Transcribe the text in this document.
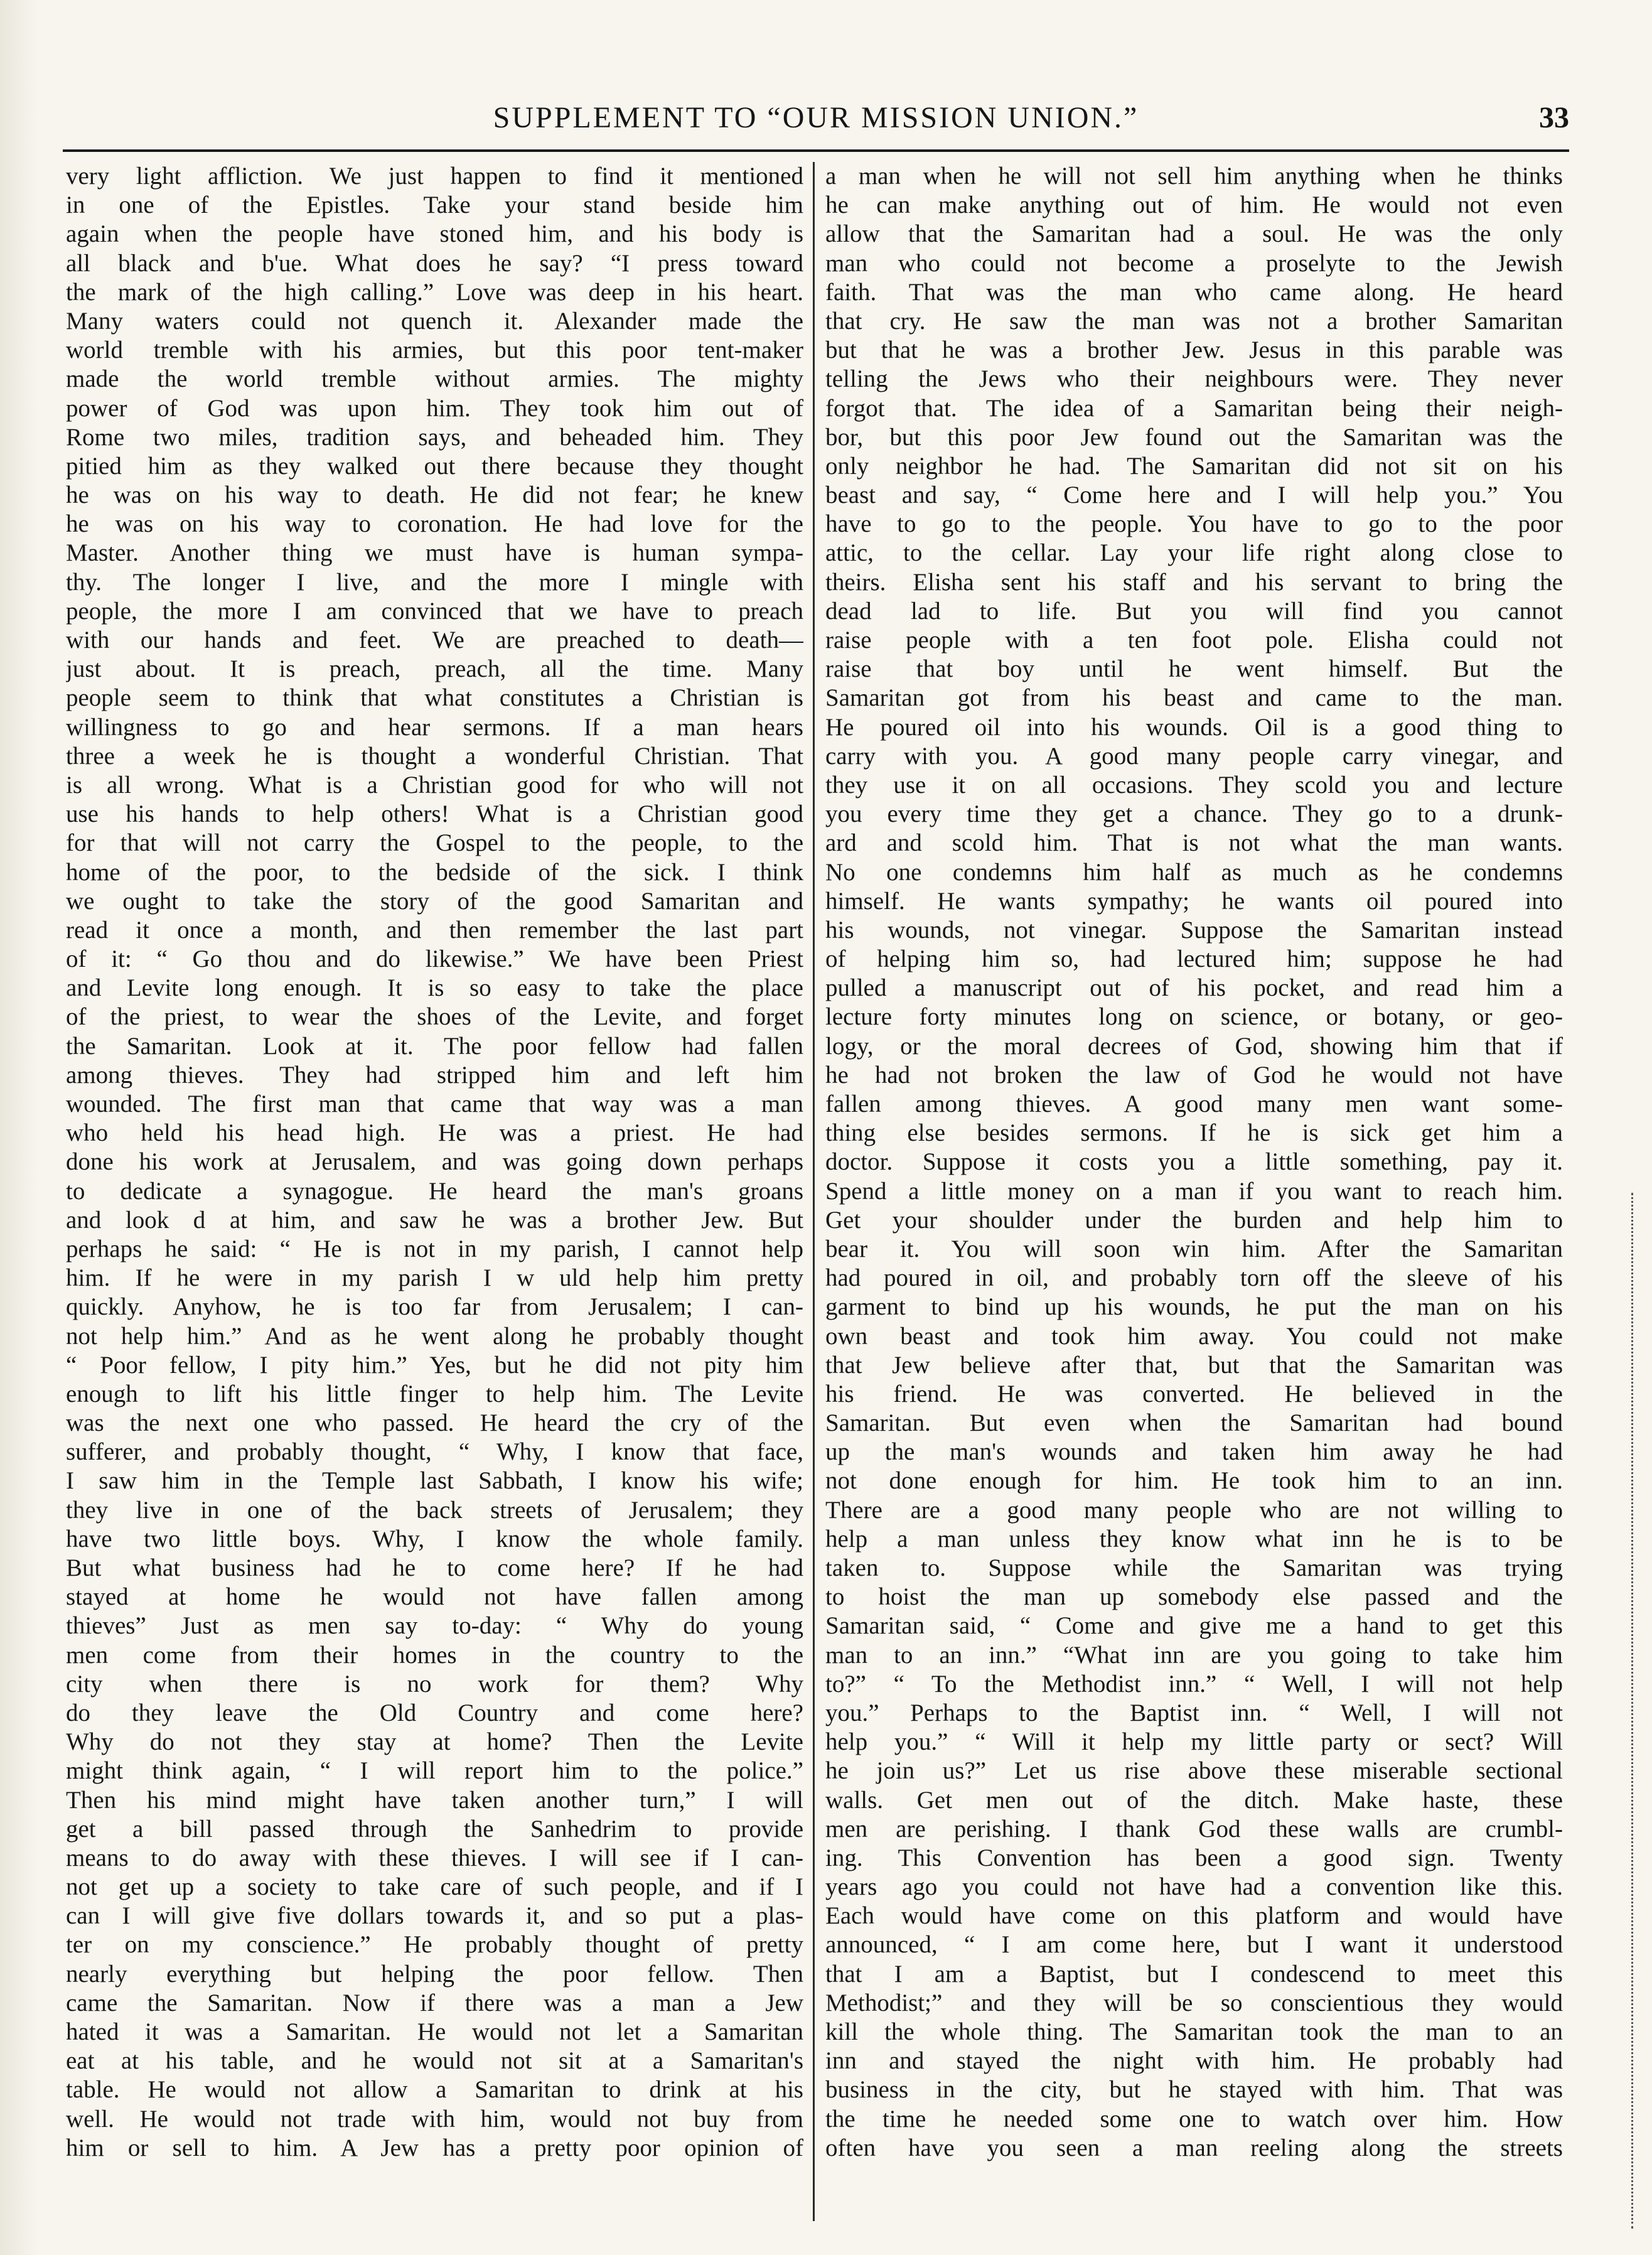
SUPPLEMENT TO “OUR MISSION UNION.”	33

very light affliction. We just happen to find it mentioned

in one of the Epistles. Take your stand beside him

again when the people have stoned him, and his body is

all black and b'ue. What does he say? “I press toward

the mark of the high calling.” Love was deep in his heart.

Many waters could not quench it. Alexander made the

world tremble with his armies, but this poor tent-maker

made the world tremble without armies. The mighty

power of God was upon him. They took him out of

Rome two miles, tradition says, and beheaded him. They

pitied him as they walked out there because they thought

he was on his way to death. He did not fear; he knew

he was on his way to coronation. He had love for the

Master. Another thing we must have is human sympa-

thy. The longer I live, and the more I mingle with

people, the more I am convinced that we have to preach

with our hands and feet. We are preached to death—

just about. It is preach, preach, all the time. Many

people seem to think that what constitutes a Christian is

willingness to go and hear sermons. If a man hears

three a week he is thought a wonderful Christian. That

is all wrong. What is a Christian good for who will not

use his hands to help others! What is a Christian good

for that will not carry the Gospel to the people, to the

home of the poor, to the bedside of the sick. I think

we ought to take the story of the good Samaritan and

read it once a month, and then remember the last part

of it: “ Go thou and do likewise.” We have been Priest

and Levite long enough. It is so easy to take the place

of the priest, to wear the shoes of the Levite, and forget

the Samaritan. Look at it. The poor fellow had fallen

among thieves. They had stripped him and left him

wounded. The first man that came that way was a man

who held his head high. He was a priest. He had

done his work at Jerusalem, and was going down perhaps

to dedicate a synagogue. He heard the man's groans

and look d at him, and saw he was a brother Jew. But

perhaps he said: “ He is not in my parish, I cannot help

him. If he were in my parish I w uld help him pretty

quickly. Anyhow, he is too far from Jerusalem; I can-

not help him.” And as he went along he probably thought

“ Poor fellow, I pity him.” Yes, but he did not pity him

enough to lift his little finger to help him. The Levite

was the next one who passed. He heard the cry of the

sufferer, and probably thought, “ Why, I know that face,

I saw him in the Temple last Sabbath, I know his wife;

they live in one of the back streets of Jerusalem; they

have two little boys. Why, I know the whole family.

But what business had he to come here? If he had

stayed at home he would not have fallen among

thieves” Just as men say to-day: “ Why do young

men come from their homes in the country to the

city when there is no work for them? Why

do they leave the Old Country and come here?

Why do not they stay at home? Then the Levite

might think again, “ I will report him to the police.”

Then his mind might have taken another turn,” I will

get a bill passed through the Sanhedrim to provide

means to do away with these thieves. I will see if I can-

not get up a society to take care of such people, and if I

can I will give five dollars towards it, and so put a plas-

ter on my conscience.” He probably thought of pretty

nearly everything but helping the poor fellow. Then

came the Samaritan. Now if there was a man a Jew

hated it was a Samaritan. He would not let a Samaritan

eat at his table, and he would not sit at a Samaritan's

table. He would not allow a Samaritan to drink at his

well. He would not trade with him, would not buy from

him or sell to him. A Jew has a pretty poor opinion of

a man when he will not sell him anything when he thinks

he can make anything out of him. He would not even

allow that the Samaritan had a soul. He was the only

man who could not become a proselyte to the Jewish

faith. That was the man who came along. He heard

that cry. He saw the man was not a brother Samaritan

but that he was a brother Jew. Jesus in this parable was

telling the Jews who their neighbours were. They never

forgot that. The idea of a Samaritan being their neigh-

bor, but this poor Jew found out the Samaritan was the

only neighbor he had. The Samaritan did not sit on his

beast and say, “ Come here and I will help you.” You

have to go to the people. You have to go to the poor

attic, to the cellar. Lay your life right along close to

theirs. Elisha sent his staff and his servant to bring the

dead lad to life. But you will find you cannot

raise people with a ten foot pole. Elisha could not

raise that boy until he went himself. But the

Samaritan got from his beast and came to the man.

He poured oil into his wounds. Oil is a good thing to

carry with you. A good many people carry vinegar, and

they use it on all occasions. They scold you and lecture

you every time they get a chance. They go to a drunk-

ard and scold him. That is not what the man wants.

No one condemns him half as much as he condemns

himself. He wants sympathy; he wants oil poured into

his wounds, not vinegar. Suppose the Samaritan instead

of helping him so, had lectured him; suppose he had

pulled a manuscript out of his pocket, and read him a

lecture forty minutes long on science, or botany, or geo-

logy, or the moral decrees of God, showing him that if

he had not broken the law of God he would not have

fallen among thieves. A good many men want some-

thing else besides sermons. If he is sick get him a

doctor. Suppose it costs you a little something, pay it.

Spend a little money on a man if you want to reach him.

Get your shoulder under the burden and help him to

bear it. You will soon win him. After the Samaritan

had poured in oil, and probably torn off the sleeve of his

garment to bind up his wounds, he put the man on his

own beast and took him away. You could not make

that Jew believe after that, but that the Samaritan was

his friend. He was converted. He believed in the

Samaritan. But even when the Samaritan had bound

up the man's wounds and taken him away he had

not done enough for him. He took him to an inn.

There are a good many people who are not willing to

help a man unless they know what inn he is to be

taken to. Suppose while the Samaritan was trying

to hoist the man up somebody else passed and the

Samaritan said, “ Come and give me a hand to get this

man to an inn.” “What inn are you going to take him

to?” “ To the Methodist inn.” “ Well, I will not help

you.” Perhaps to the Baptist inn. “ Well, I will not

help you.” “ Will it help my little party or sect? Will

he join us?” Let us rise above these miserable sectional

walls. Get men out of the ditch. Make haste, these

men are perishing. I thank God these walls are crumbl-

ing. This Convention has been a good sign. Twenty

years ago you could not have had a convention like this.

Each would have come on this platform and would have

announced, “ I am come here, but I want it understood

that I am a Baptist, but I condescend to meet this

Methodist;” and they will be so conscientious they would

kill the whole thing. The Samaritan took the man to an

inn and stayed the night with him. He probably had

business in the city, but he stayed with him. That was

the time he needed some one to watch over him. How

often have you seen a man reeling along the streets
